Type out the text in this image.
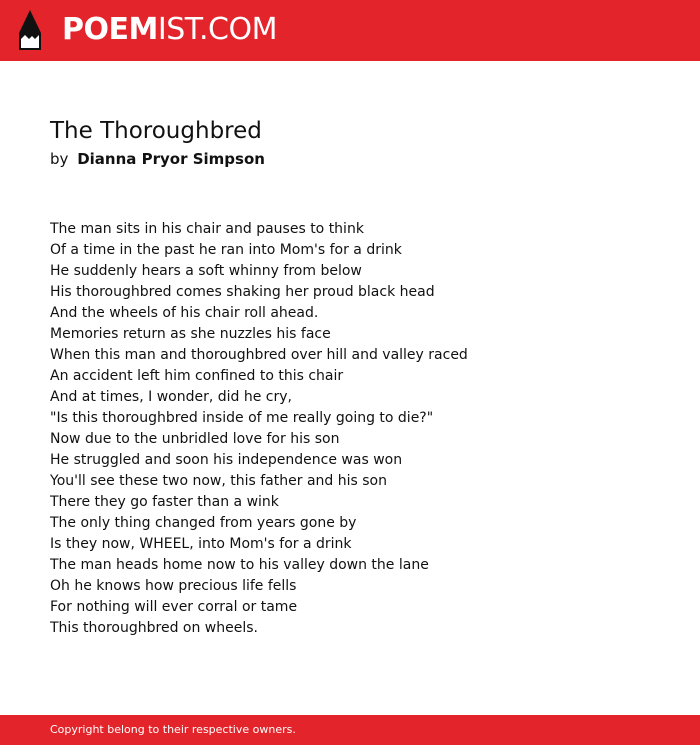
POEMIST.COM
The Thoroughbred
by Dianna Pryor Simpson
The man sits in his chair and pauses to think
Of a time in the past he ran into Mom's for a drink
He suddenly hears a soft whinny from below
His thoroughbred comes shaking her proud black head
And the wheels of his chair roll ahead.
Memories return as she nuzzles his face
When this man and thoroughbred over hill and valley raced
An accident left him confined to this chair
And at times, I wonder, did he cry,
"Is this thoroughbred inside of me really going to die?"
Now due to the unbridled love for his son
He struggled and soon his independence was won
You'll see these two now, this father and his son
There they go faster than a wink
The only thing changed from years gone by
Is they now, WHEEL, into Mom's for a drink
The man heads home now to his valley down the lane
Oh he knows how precious life fells
For nothing will ever corral or tame
This thoroughbred on wheels.
Copyright belong to their respective owners.
